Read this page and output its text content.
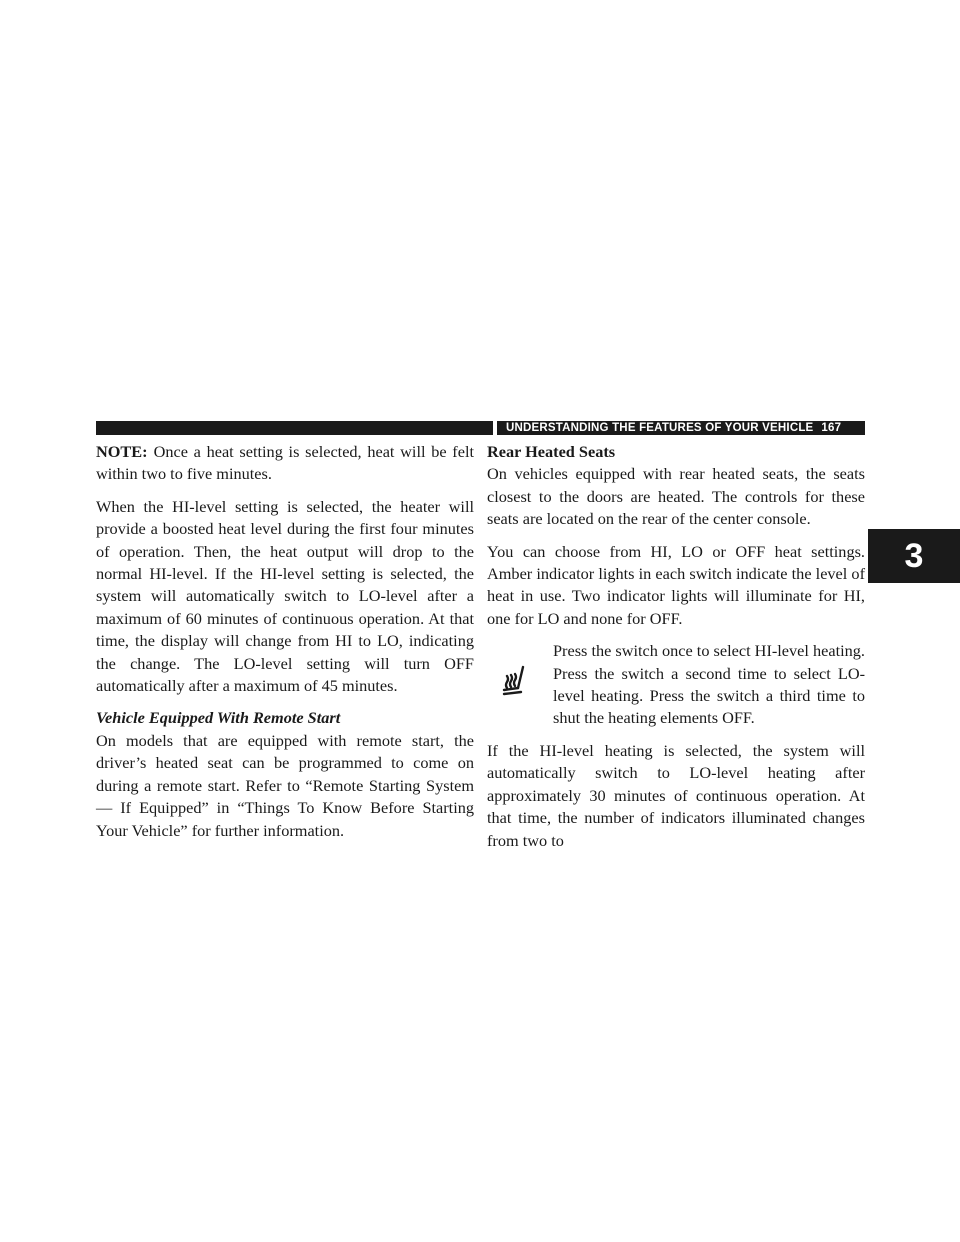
UNDERSTANDING THE FEATURES OF YOUR VEHICLE 167
3

NOTE: Once a heat setting is selected, heat will be felt within two to five minutes.

When the HI-level setting is selected, the heater will provide a boosted heat level during the first four minutes of operation. Then, the heat output will drop to the normal HI-level. If the HI-level setting is selected, the system will automatically switch to LO-level after a maximum of 60 minutes of continuous operation. At that time, the display will change from HI to LO, indicating the change. The LO-level setting will turn OFF automatically after a maximum of 45 minutes.

Vehicle Equipped With Remote Start

On models that are equipped with remote start, the driver’s heated seat can be programmed to come on during a remote start. Refer to “Remote Starting System — If Equipped” in “Things To Know Before Starting Your Vehicle” for further information.

Rear Heated Seats

On vehicles equipped with rear heated seats, the seats closest to the doors are heated. The controls for these seats are located on the rear of the center console.

You can choose from HI, LO or OFF heat settings. Amber indicator lights in each switch indicate the level of heat in use. Two indicator lights will illuminate for HI, one for LO and none for OFF.

Press the switch once to select HI-level heating. Press the switch a second time to select LO-level heating. Press the switch a third time to shut the heating elements OFF.

If the HI-level heating is selected, the system will automatically switch to LO-level heating after approximately 30 minutes of continuous operation. At that time, the number of indicators illuminated changes from two to
